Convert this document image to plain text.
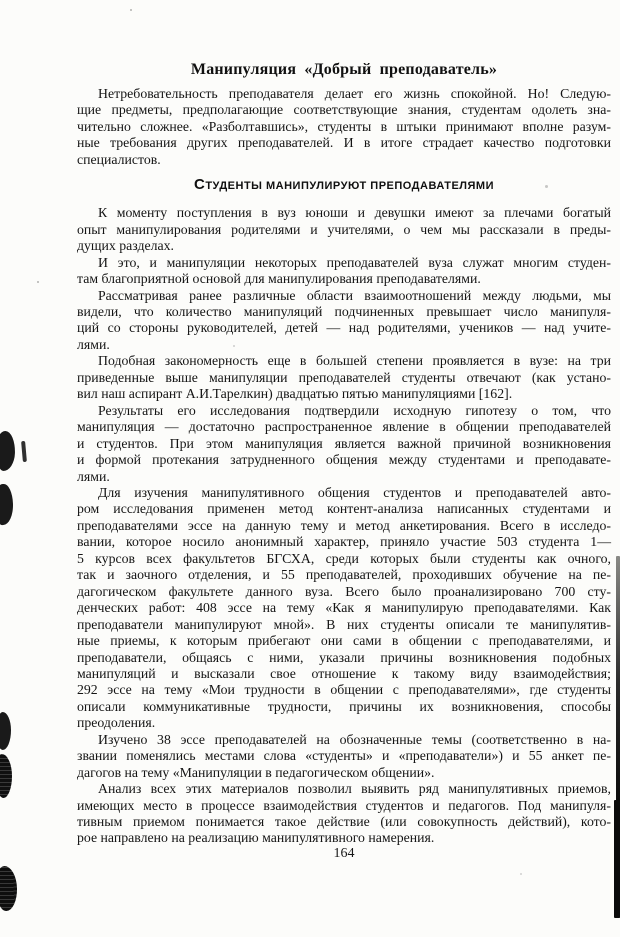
Манипуляция «Добрый преподаватель»

Нетребовательность преподавателя делает его жизнь спокойной. Но! Следую-
щие предметы, предполагающие соответствующие знания, студентам одолеть зна-
чительно сложнее. «Разболтавшись», студенты в штыки принимают вполне разум-
ные требования других преподавателей. И в итоге страдает качество подготовки
специалистов.

СТУДЕНТЫ МАНИПУЛИРУЮТ ПРЕПОДАВАТЕЛЯМИ

К моменту поступления в вуз юноши и девушки имеют за плечами богатый
опыт манипулирования родителями и учителями, о чем мы рассказали в преды-
дущих разделах.

И это, и манипуляции некоторых преподавателей вуза служат многим студен-
там благоприятной основой для манипулирования преподавателями.

Рассматривая ранее различные области взаимоотношений между людьми, мы
видели, что количество манипуляций подчиненных превышает число манипуля-
ций со стороны руководителей, детей — над родителями, учеников — над учите-
лями.

Подобная закономерность еще в большей степени проявляется в вузе: на три
приведенные выше манипуляции преподавателей студенты отвечают (как устано-
вил наш аспирант А.И.Тарелкин) двадцатью пятью манипуляциями [162].

Результаты его исследования подтвердили исходную гипотезу о том, что
манипуляция — достаточно распространенное явление в общении преподавателей
и студентов. При этом манипуляция является важной причиной возникновения
и формой протекания затрудненного общения между студентами и преподавате-
лями.

Для изучения манипулятивного общения студентов и преподавателей авто-
ром исследования применен метод контент-анализа написанных студентами и
преподавателями эссе на данную тему и метод анкетирования. Всего в исследо-
вании, которое носило анонимный характер, приняло участие 503 студента 1—
5 курсов всех факультетов БГСХА, среди которых были студенты как очного,
так и заочного отделения, и 55 преподавателей, проходивших обучение на пе-
дагогическом факультете данного вуза. Всего было проанализировано 700 сту-
денческих работ: 408 эссе на тему «Как я манипулирую преподавателями. Как
преподаватели манипулируют мной». В них студенты описали те манипулятив-
ные приемы, к которым прибегают они сами в общении с преподавателями, и
преподаватели, общаясь с ними, указали причины возникновения подобных
манипуляций и высказали свое отношение к такому виду взаимодействия;
292 эссе на тему «Мои трудности в общении с преподавателями», где студенты
описали коммуникативные трудности, причины их возникновения, способы
преодоления.

Изучено 38 эссе преподавателей на обозначенные темы (соответственно в на-
звании поменялись местами слова «студенты» и «преподаватели») и 55 анкет пе-
дагогов на тему «Манипуляции в педагогическом общении».

Анализ всех этих материалов позволил выявить ряд манипулятивных приемов,
имеющих место в процессе взаимодействия студентов и педагогов. Под манипуля-
тивным приемом понимается такое действие (или совокупность действий), кото-
рое направлено на реализацию манипулятивного намерения.

164
